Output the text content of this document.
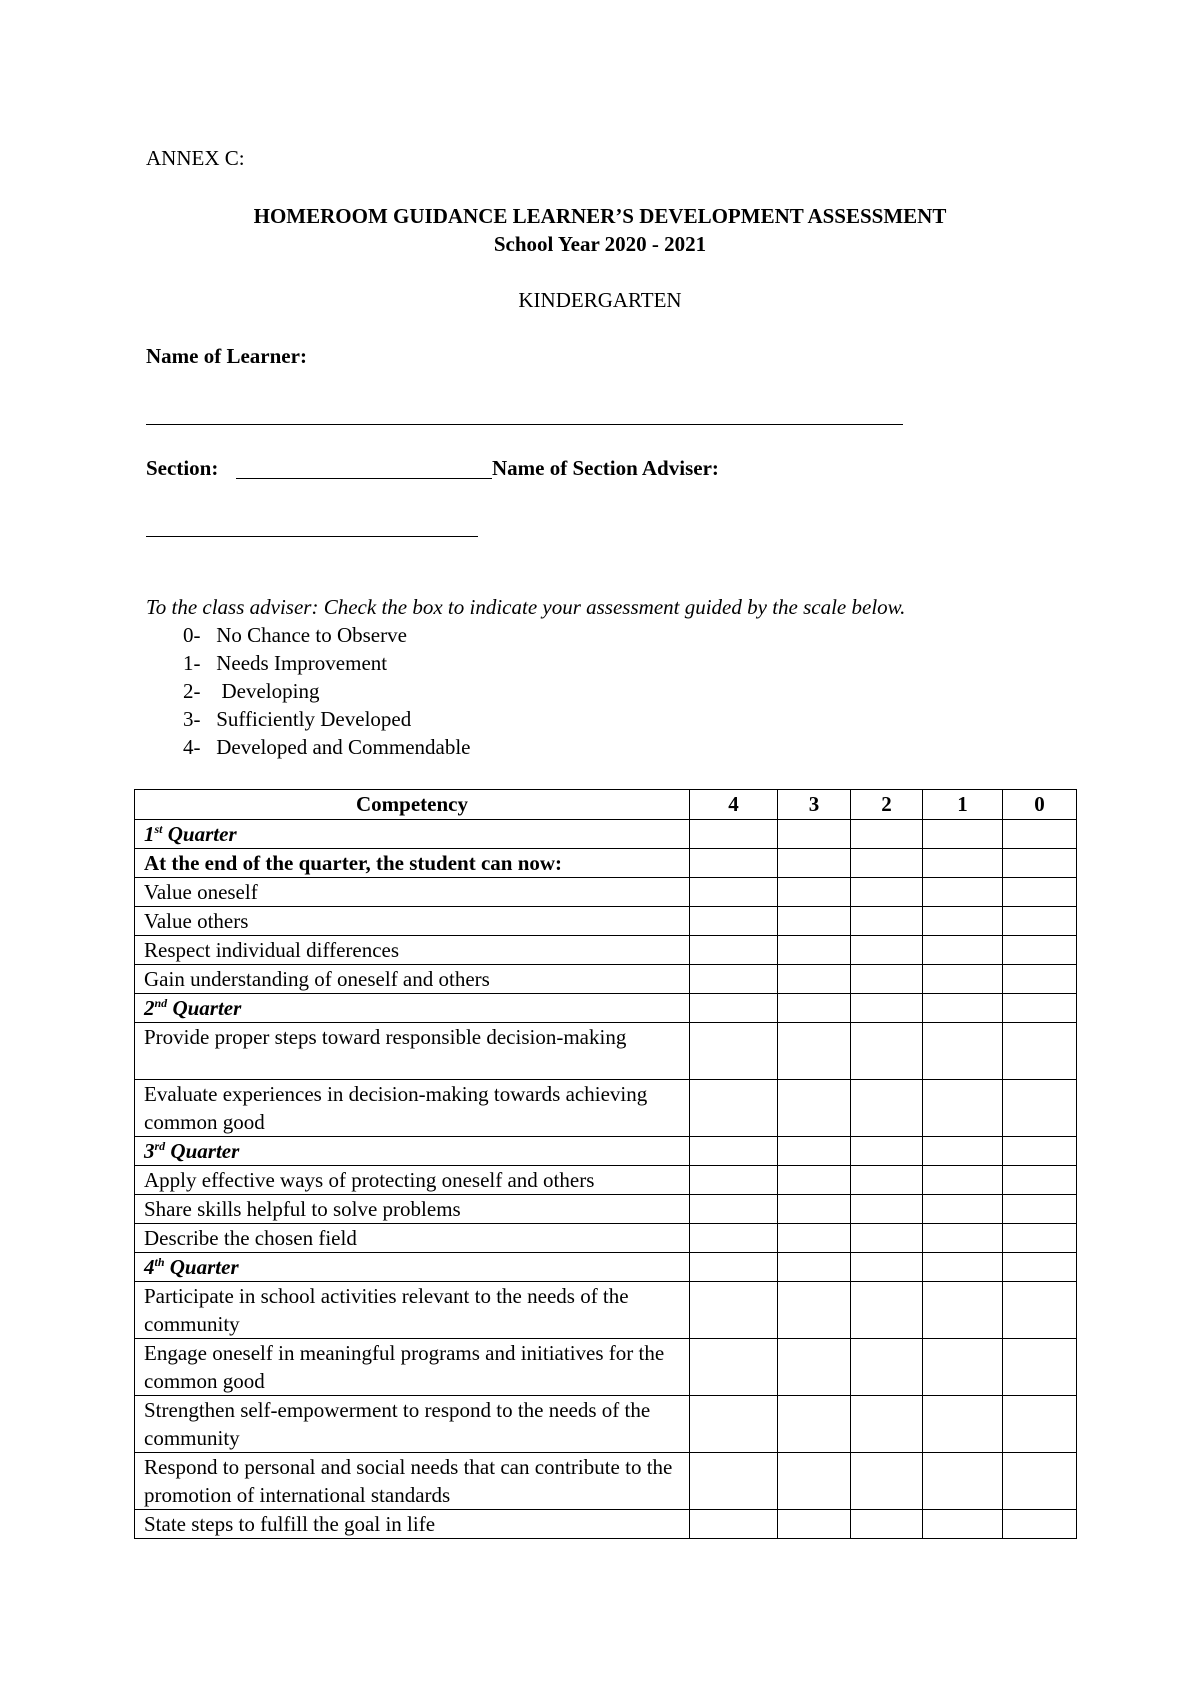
ANNEX C:
HOMEROOM GUIDANCE LEARNER’S DEVELOPMENT ASSESSMENT
School Year 2020 - 2021
KINDERGARTEN
Name of Learner:
Section:	Name of Section Adviser:
To the class adviser: Check the box to indicate your assessment guided by the scale below.
0-   No Chance to Observe
1-   Needs Improvement
2-    Developing
3-   Sufficiently Developed
4-   Developed and Commendable
Competency	4	3	2	1	0
1st Quarter					
At the end of the quarter, the student can now:					
Value oneself					
Value others					
Respect individual differences					
Gain understanding of oneself and others					
2nd Quarter					
Provide proper steps toward responsible decision-making					
Evaluate experiences in decision-making towards achieving common good					
3rd Quarter					
Apply effective ways of protecting oneself and others					
Share skills helpful to solve problems					
Describe the chosen field					
4th Quarter					
Participate in school activities relevant to the needs of the community					
Engage oneself in meaningful programs and initiatives for the common good					
Strengthen self-empowerment to respond to the needs of the community					
Respond to personal and social needs that can contribute to the promotion of international standards					
State steps to fulfill the goal in life					
